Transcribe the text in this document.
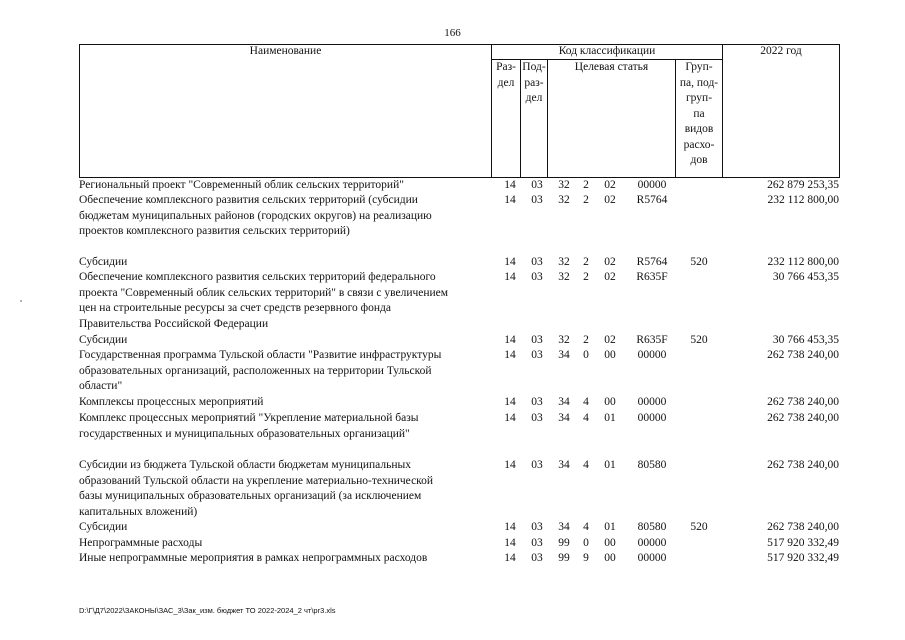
166
Наименование	Код классификации	2022 год
Раз-
дел
Под-
раз-
дел
Целевая статья	Груп-
па, под-
груп-
па
видов
расхо-
дов
Региональный проект "Современный облик сельских территорий"	14	03	32	2	02	00000	262 879 253,35
Обеспечение комплексного развития сельских территорий (субсидии
бюджетам муниципальных районов (городских округов) на реализацию
проектов комплексного развития сельских территорий)
14	03	32	2	02	R5764	232 112 800,00
Субсидии	14	03	32	2	02	R5764	520	232 112 800,00
Обеспечение комплексного развития сельских территорий федерального
проекта "Современный облик сельских территорий" в связи с увеличением
цен на строительные ресурсы за счет средств резервного фонда
Правительства Российской Федерации
14	03	32	2	02	R635F	30 766 453,35
Субсидии	14	03	32	2	02	R635F	520	30 766 453,35
Государственная программа Тульской области "Развитие инфраструктуры
образовательных организаций, расположенных на территории Тульской
области"
14	03	34	0	00	00000	262 738 240,00
Комплексы процессных мероприятий	14	03	34	4	00	00000	262 738 240,00
Комплекс процессных мероприятий "Укрепление материальной базы
государственных и муниципальных образовательных организаций"
14	03	34	4	01	00000	262 738 240,00
Субсидии из бюджета Тульской области бюджетам муниципальных
образований Тульской области на укрепление материально-технической
базы муниципальных образовательных организаций (за исключением
капитальных вложений)
14	03	34	4	01	80580	262 738 240,00
Субсидии	14	03	34	4	01	80580	520	262 738 240,00
Непрограммные расходы	14	03	99	0	00	00000	517 920 332,49
Иные непрограммные мероприятия в рамках непрограммных расходов	14	03	99	9	00	00000	517 920 332,49
D:\Г\Д7\2022\ЗАКОНЫ\ЗАС_3\Зак_изм. бюджет ТО 2022-2024_2 чт\pr3.xls
